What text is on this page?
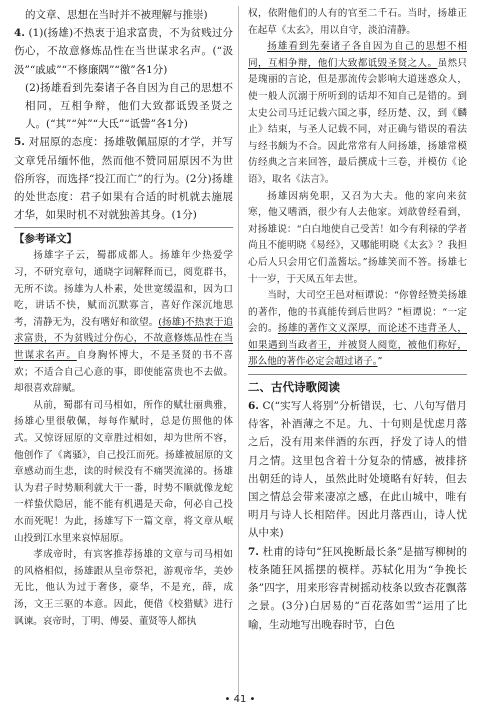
的文章、思想在当时并不被理解与推崇)

4. (1)(扬雄)不热衷于追求富贵，不为贫贱过分伤心，不故意修炼品性在当世谋求名声。(“汲汲”“戚戚”“不修廉隅”“徼”各1分)

(2)扬雄看到先秦诸子各自因为自己的思想不相同，互相争辩，他们大致都诋毁圣贤之人。(“其”“舛”“大氐”“诋訾”各1分)

5. 对屈原的态度：扬雄敬佩屈原的才学，并写文章凭吊缅怀他，然而他不赞同屈原因不为世俗所容，而选择“投江而亡”的行为。(2分)扬雄的处世态度：君子如果有合适的时机就去施展才华，如果时机不对就独善其身。(1分)

【参考译文】

扬雄字子云，蜀郡成都人。扬雄年少热爱学习，不研究章句，通晓字词解释而已，阅览群书，无所不读。扬雄为人朴素，处世宽缓温和，因为口吃，讲话不快，赋而沉默寡言，喜好作深沉地思考，清静无为，没有嗜好和欲望。(扬雄)不热衷于追求富贵，不为贫贱过分伤心，不故意修炼品性在当世谋求名声。自身胸怀博大，不是圣贤的书不喜欢；不适合自己心意的事，即使能富贵也不去做。却很喜欢辞赋。

从前，蜀郡有司马相如，所作的赋壮丽典雅，扬雄心里很敬佩，每每作赋时，总是仿照他的体式。又惊讶屈原的文章胜过相如，却为世所不容，他创作了《离骚》，自己投江而死。扬雄被屈原的文章感动而生悲，读的时候没有不痛哭流涕的。扬雄认为君子时势顺利就大干一番，时势不顺就像龙蛇一样蛰伏隐居，能不能有机遇是天命，何必自己投水而死呢！为此，扬雄写下一篇文章，将文章从岷山投到江水里来哀悼屈原。

孝成帝时，有宾客推荐扬雄的文章与司马相如的风格相似，扬雄跟从皇帝祭祀，游观帝华，美妙无比，他认为过于奢侈，豪华，不是充，薛，成汤，文王三驱的本意。因此，便借《校猎赋》进行讽谏。哀帝时，丁明、傅晏、董贤等人都执

权，依附他们的人有的官至二千石。当时，扬雄正在起草《太玄》，用以自守，淡泊清静。

扬雄看到先秦诸子各自因为自己的思想不相同，互相争辩，他们大致都诋毁圣贤之人。虽然只是瑰丽的言论，但是那流传会影响大道迷惑众人，使一般人沉溺于所听到的话却不知自己是错的。到太史公司马迁记载六国之事，经历楚、汉，到《麟止》结束，与圣人记载不同，对正确与错误的看法与经书颇为不合。因此常常有人问扬雄，扬雄常模仿经典之言来回答，最后撰成十三卷，并模仿《论语》，取名《法言》。

扬雄因病免职，又召为大夫。他的家向来贫寒，他又嗜酒，很少有人去他家。刘歆曾经看到，对扬雄说：“白白地使自己受苦！如今有利禄的学者尚且不能明晓《易经》，又哪能明晓《太玄》？我担心后人只会用它们盖酱坛。”扬雄笑而不答。扬雄七十一岁，于天凤五年去世。

当时，大司空王邑对桓谭说：“你曾经赞美扬雄的著作，他的书真能传到后世吗？”桓谭说：“一定会的。扬雄的著作文义深厚，而论述不违背圣人，如果遇到当政者王，并被贤人阅览，被他们称好，那么他的著作必定会超过诸子。”

二、古代诗歌阅读

6. C(“实写人将别”分析错误，七、八句写借月侍客，补酒薄之不足。九、十句则是忧虑月落之后，没有用来伴酒的东西，抒发了诗人的惜月之情。这里包含着十分复杂的情感，被排挤出朝廷的诗人，虽然此时处境略有好转，但去国之情总会带来凄凉之感，在此山城中，唯有明月与诗人长相陪伴。因此月落西山，诗人忧从中来)

7. 杜甫的诗句“狂风挽断最长条”是描写柳树的枝条随狂风摇摆的模样。苏轼化用为“争挽长条”四字，用来形容青树摇动枝条以致杏花飘落之景。(3分)白居易的“百花落如雪”运用了比喻，生动地写出晚春时节，白色

• 41 •
